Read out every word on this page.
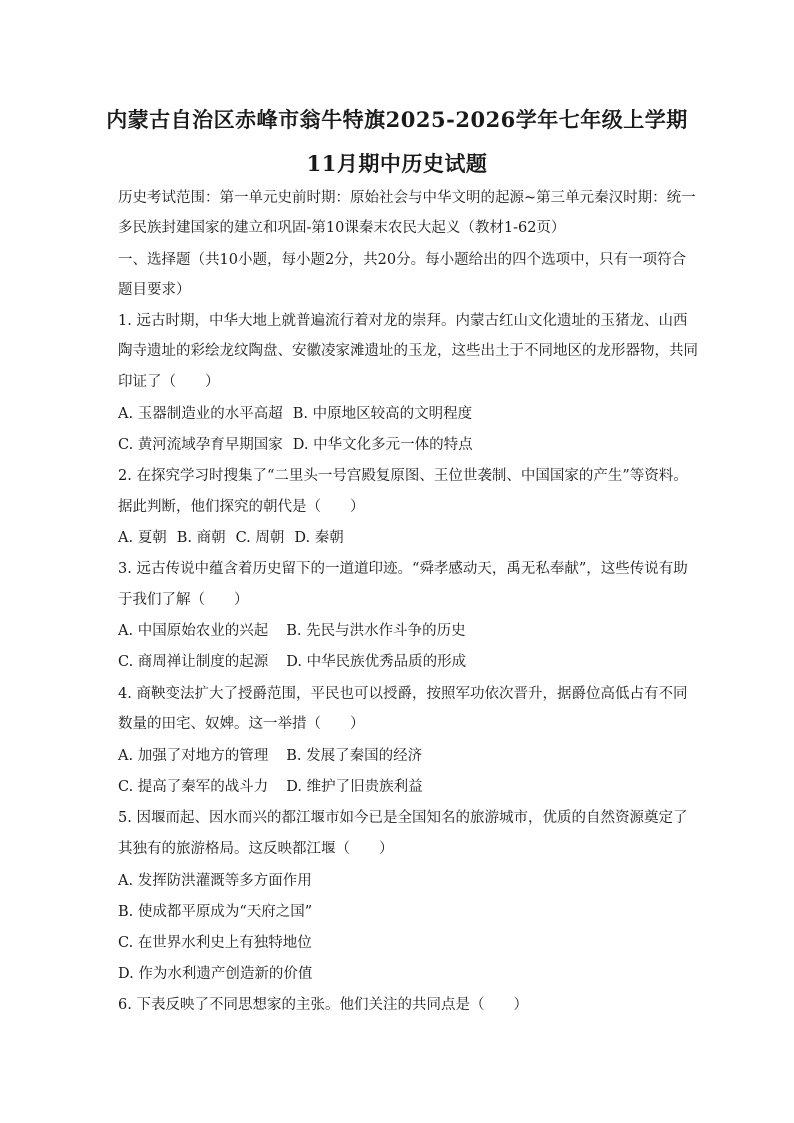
内蒙古自治区赤峰市翁牛特旗2025-2026学年七年级上学期
11月期中历史试题
历史考试范围：第一单元史前时期：原始社会与中华文明的起源~第三单元秦汉时期：统一
多民族封建国家的建立和巩固-第10课秦末农民大起义（教材1-62页）
一、选择题（共10小题，每小题2分，共20分。每小题给出的四个选项中，只有一项符合
题目要求）
1. 远古时期，中华大地上就普遍流行着对龙的崇拜。内蒙古红山文化遗址的玉猪龙、山西
陶寺遗址的彩绘龙纹陶盘、安徽凌家滩遗址的玉龙，这些出土于不同地区的龙形器物，共同
印证了（　　）
A. 玉器制造业的水平高超 B. 中原地区较高的文明程度
C. 黄河流域孕育早期国家 D. 中华文化多元一体的特点
2. 在探究学习时搜集了“二里头一号宫殿复原图、王位世袭制、中国国家的产生”等资料。
据此判断，他们探究的朝代是（　　）
A. 夏朝 B. 商朝 C. 周朝 D. 秦朝
3. 远古传说中蕴含着历史留下的一道道印迹。“舜孝感动天，禹无私奉献”，这些传说有助
于我们了解（　　）
A. 中国原始农业的兴起 B. 先民与洪水作斗争的历史
C. 商周禅让制度的起源 D. 中华民族优秀品质的形成
4. 商鞅变法扩大了授爵范围，平民也可以授爵，按照军功依次晋升，据爵位高低占有不同
数量的田宅、奴婢。这一举措（　　）
A. 加强了对地方的管理 B. 发展了秦国的经济
C. 提高了秦军的战斗力 D. 维护了旧贵族利益
5. 因堰而起、因水而兴的都江堰市如今已是全国知名的旅游城市，优质的自然资源奠定了
其独有的旅游格局。这反映都江堰（　　）
A. 发挥防洪灌溉等多方面作用
B. 使成都平原成为“天府之国”
C. 在世界水利史上有独特地位
D. 作为水利遗产创造新的价值
6. 下表反映了不同思想家的主张。他们关注的共同点是（　　）
